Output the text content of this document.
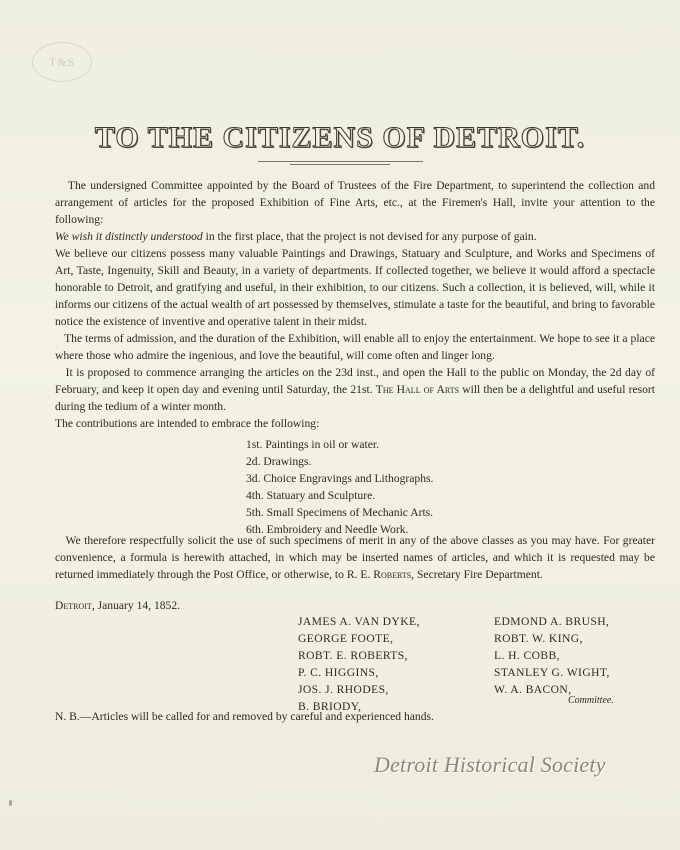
T&S
TO THE CITIZENS OF DETROIT.

The undersigned Committee appointed by the Board of Trustees of the Fire Department, to superintend the collection and arrangement of articles for the proposed Exhibition of Fine Arts, etc., at the Firemen's Hall, invite your attention to the following:

We wish it distinctly understood in the first place, that the project is not devised for any purpose of gain.

We believe our citizens possess many valuable Paintings and Drawings, Statuary and Sculpture, and Works and Specimens of Art, Taste, Ingenuity, Skill and Beauty, in a variety of departments. If collected together, we believe it would afford a spectacle honorable to Detroit, and gratifying and useful, in their exhibition, to our citizens. Such a collection, it is believed, will, while it informs our citizens of the actual wealth of art possessed by themselves, stimulate a taste for the beautiful, and bring to favorable notice the existence of inventive and operative talent in their midst.

The terms of admission, and the duration of the Exhibition, will enable all to enjoy the entertainment. We hope to see it a place where those who admire the ingenious, and love the beautiful, will come often and linger long.

It is proposed to commence arranging the articles on the 23d inst., and open the Hall to the public on Monday, the 2d day of February, and keep it open day and evening until Saturday, the 21st. The Hall of Arts will then be a delightful and useful resort during the tedium of a winter month.

The contributions are intended to embrace the following:

1st. Paintings in oil or water.
2d. Drawings.
3d. Choice Engravings and Lithographs.
4th. Statuary and Sculpture.
5th. Small Specimens of Mechanic Arts.
6th. Embroidery and Needle Work.

We therefore respectfully solicit the use of such specimens of merit in any of the above classes as you may have. For greater convenience, a formula is herewith attached, in which may be inserted names of articles, and which it is requested may be returned immediately through the Post Office, or otherwise, to R. E. Roberts, Secretary Fire Department.

Detroit, January 14, 1852.
JAMES A. VAN DYKE,
GEORGE FOOTE,
ROBT. E. ROBERTS,
P. C. HIGGINS,
JOS. J. RHODES,
B. BRIODY,
EDMOND A. BRUSH,
ROBT. W. KING,
L. H. COBB,
STANLEY G. WIGHT,
W. A. BACON,
Committee.
N. B.—Articles will be called for and removed by careful and experienced hands.
Detroit Historical Society
